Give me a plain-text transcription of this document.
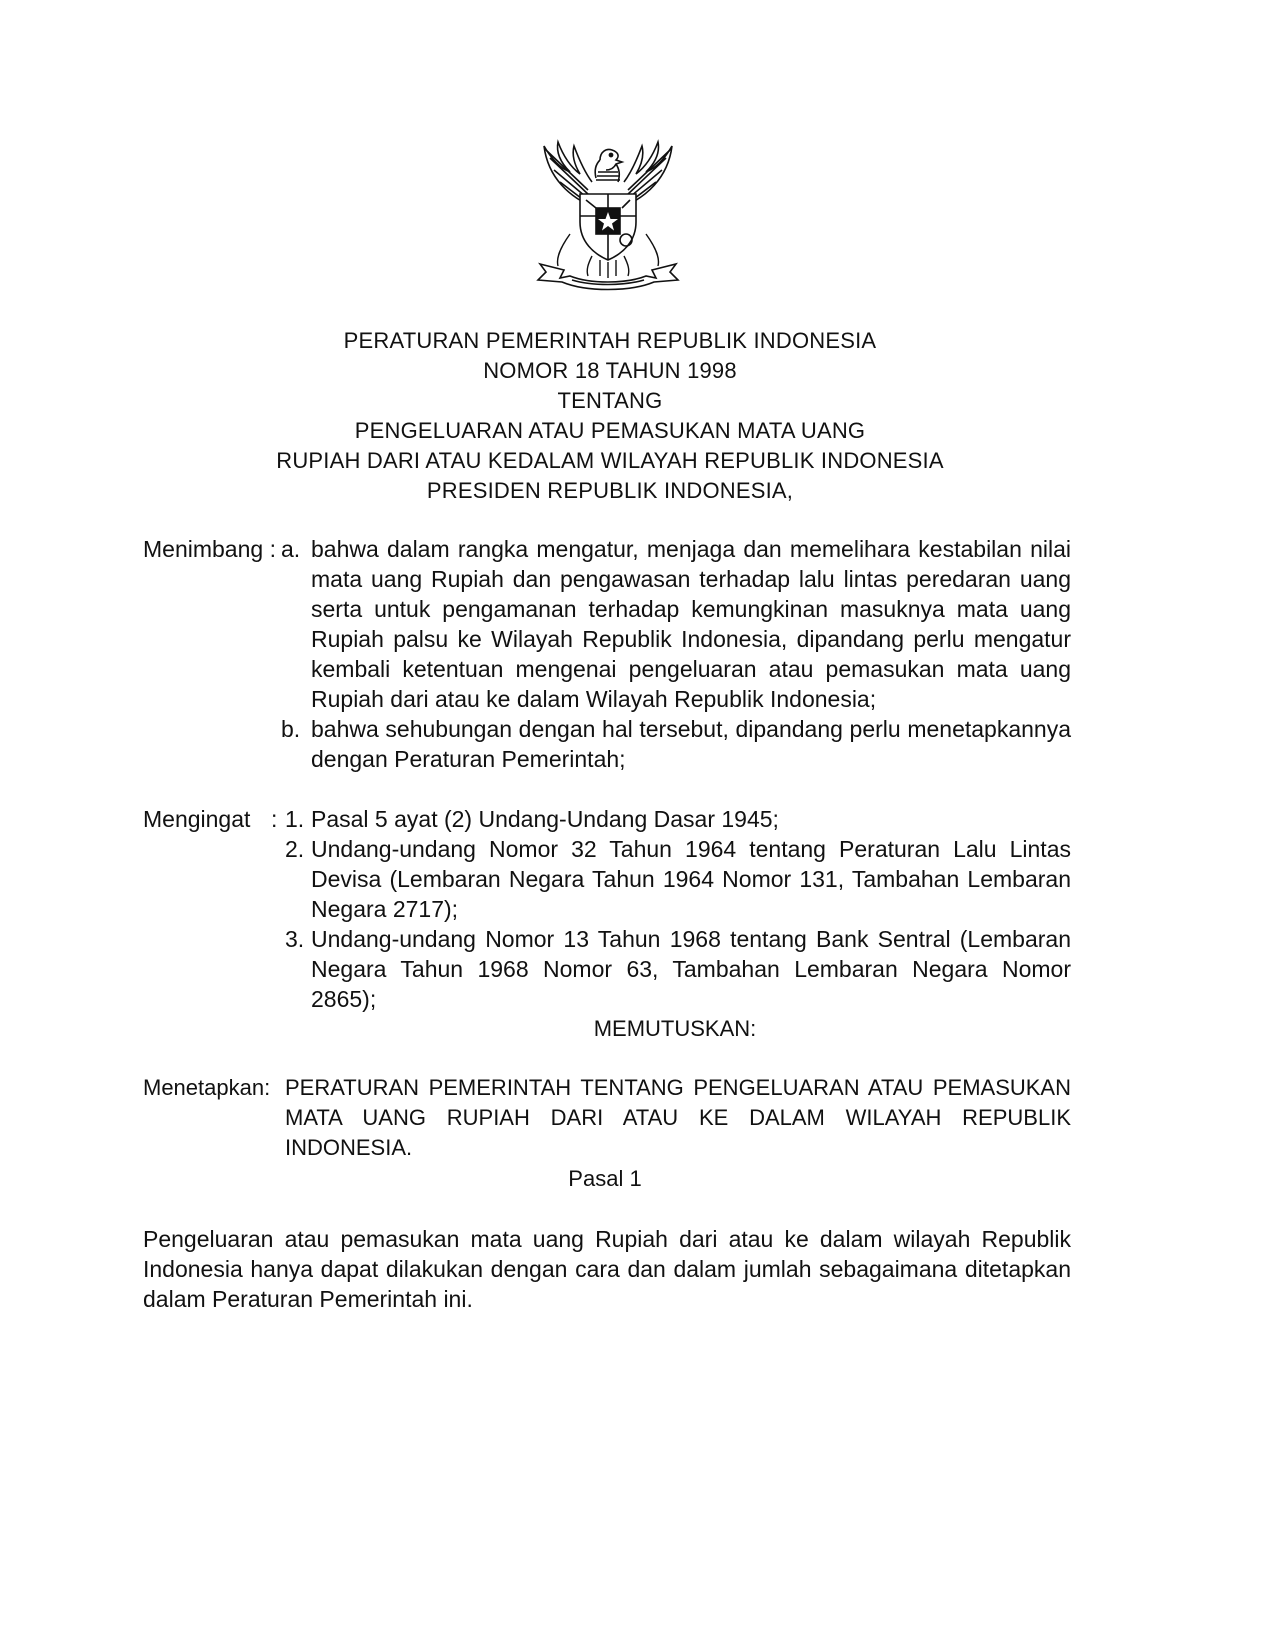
PERATURAN PEMERINTAH REPUBLIK INDONESIA
NOMOR 18 TAHUN 1998
TENTANG
PENGELUARAN ATAU PEMASUKAN MATA UANG
RUPIAH DARI ATAU KEDALAM WILAYAH REPUBLIK INDONESIA
PRESIDEN REPUBLIK INDONESIA,
Menimbang : a. bahwa dalam rangka mengatur, menjaga dan memelihara kestabilan nilai mata uang Rupiah dan pengawasan terhadap lalu lintas peredaran uang serta untuk pengamanan terhadap kemungkinan masuknya mata uang Rupiah palsu ke Wilayah Republik Indonesia, dipandang perlu mengatur kembali ketentuan mengenai pengeluaran atau pemasukan mata uang Rupiah dari atau ke dalam Wilayah Republik Indonesia;
b. bahwa sehubungan dengan hal tersebut, dipandang perlu menetapkannya dengan Peraturan Pemerintah;
Mengingat : 1. Pasal 5 ayat (2) Undang-Undang Dasar 1945;
2. Undang-undang Nomor 32 Tahun 1964 tentang Peraturan Lalu Lintas Devisa (Lembaran Negara Tahun 1964 Nomor 131, Tambahan Lembaran Negara 2717);
3. Undang-undang Nomor 13 Tahun 1968 tentang Bank Sentral (Lembaran Negara Tahun 1968 Nomor 63, Tambahan Lembaran Negara Nomor 2865);
MEMUTUSKAN:
Menetapkan: PERATURAN PEMERINTAH TENTANG PENGELUARAN ATAU PEMASUKAN MATA UANG RUPIAH DARI ATAU KE DALAM WILAYAH REPUBLIK INDONESIA.
Pasal 1
Pengeluaran atau pemasukan mata uang Rupiah dari atau ke dalam wilayah Republik Indonesia hanya dapat dilakukan dengan cara dan dalam jumlah sebagaimana ditetapkan dalam Peraturan Pemerintah ini.
